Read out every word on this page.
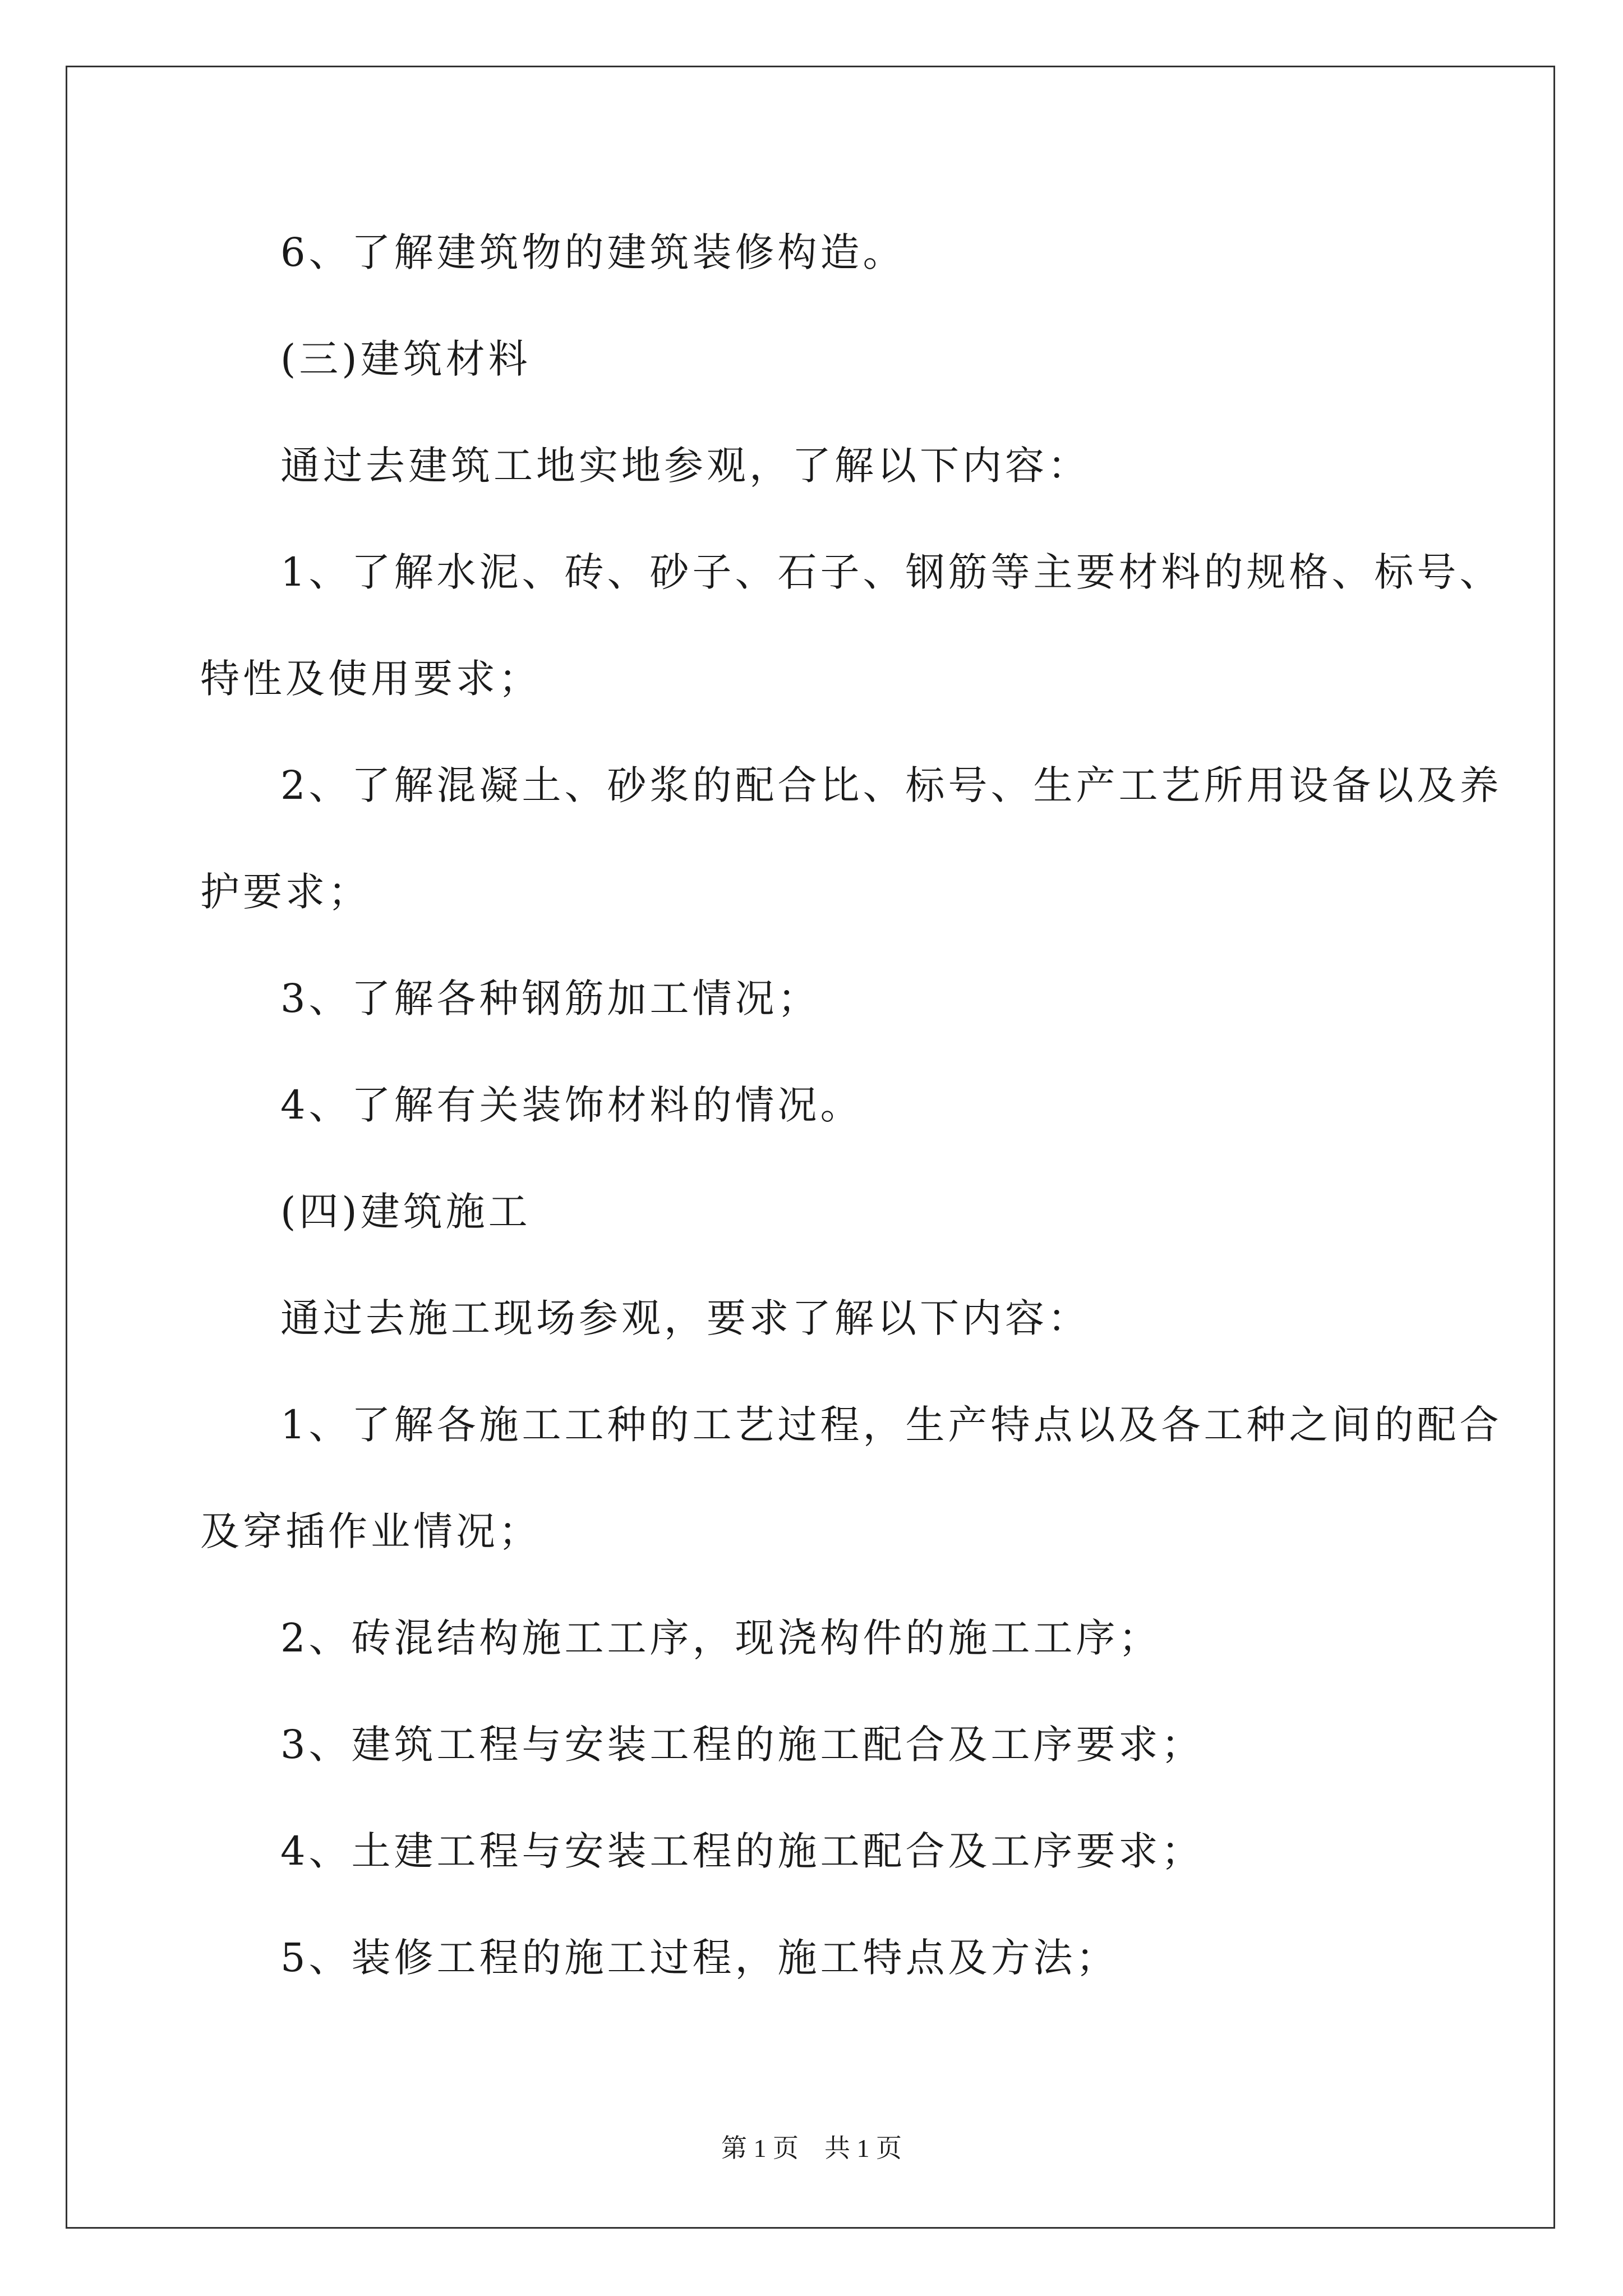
6、了解建筑物的建筑装修构造。
(三)建筑材料
通过去建筑工地实地参观，了解以下内容：
1、了解水泥、砖、砂子、石子、钢筋等主要材料的规格、标号、
特性及使用要求；
2、了解混凝土、砂浆的配合比、标号、生产工艺所用设备以及养
护要求；
3、了解各种钢筋加工情况；
4、了解有关装饰材料的情况。
(四)建筑施工
通过去施工现场参观，要求了解以下内容：
1、了解各施工工种的工艺过程，生产特点以及各工种之间的配合
及穿插作业情况；
2、砖混结构施工工序，现浇构件的施工工序；
3、建筑工程与安装工程的施工配合及工序要求；
4、土建工程与安装工程的施工配合及工序要求；
5、装修工程的施工过程，施工特点及方法；
第 1 页　共 1 页
